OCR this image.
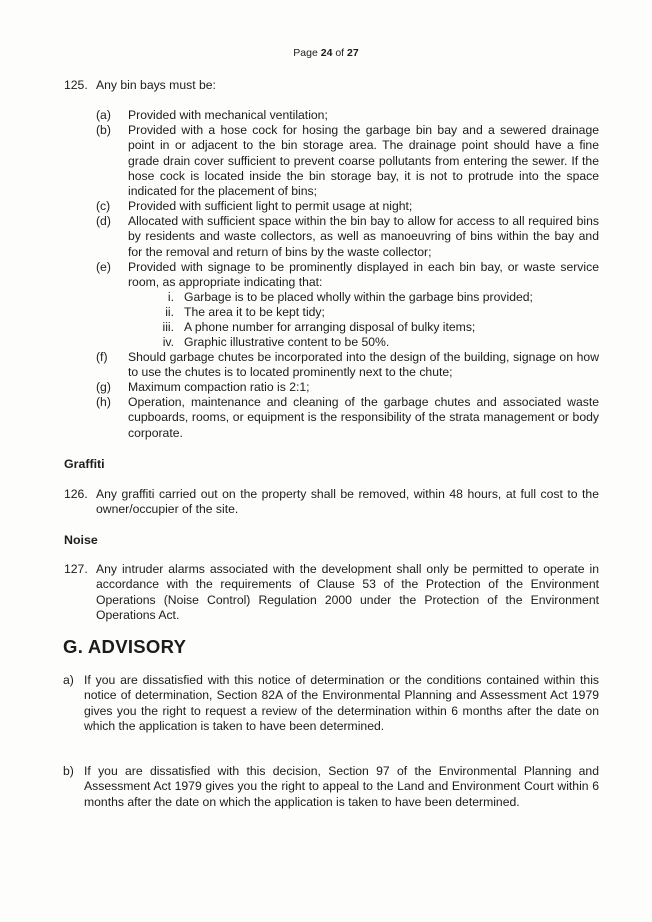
Page 24 of 27
125. Any bin bays must be:

(a) Provided with mechanical ventilation;

(b) Provided with a hose cock for hosing the garbage bin bay and a sewered drainage point in or adjacent to the bin storage area. The drainage point should have a fine grade drain cover sufficient to prevent coarse pollutants from entering the sewer. If the hose cock is located inside the bin storage bay, it is not to protrude into the space indicated for the placement of bins;

(c) Provided with sufficient light to permit usage at night;

(d) Allocated with sufficient space within the bin bay to allow for access to all required bins by residents and waste collectors, as well as manoeuvring of bins within the bay and for the removal and return of bins by the waste collector;

(e) Provided with signage to be prominently displayed in each bin bay, or waste service room, as appropriate indicating that:

i. Garbage is to be placed wholly within the garbage bins provided;

ii. The area it to be kept tidy;

iii. A phone number for arranging disposal of bulky items;

iv. Graphic illustrative content to be 50%.

(f) Should garbage chutes be incorporated into the design of the building, signage on how to use the chutes is to located prominently next to the chute;

(g) Maximum compaction ratio is 2:1;

(h) Operation, maintenance and cleaning of the garbage chutes and associated waste cupboards, rooms, or equipment is the responsibility of the strata management or body corporate.

Graffiti
126. Any graffiti carried out on the property shall be removed, within 48 hours, at full cost to the owner/occupier of the site.

Noise
127. Any intruder alarms associated with the development shall only be permitted to operate in accordance with the requirements of Clause 53 of the Protection of the Environment Operations (Noise Control) Regulation 2000 under the Protection of the Environment Operations Act.

G. ADVISORY
a) If you are dissatisfied with this notice of determination or the conditions contained within this notice of determination, Section 82A of the Environmental Planning and Assessment Act 1979 gives you the right to request a review of the determination within 6 months after the date on which the application is taken to have been determined.

b) If you are dissatisfied with this decision, Section 97 of the Environmental Planning and Assessment Act 1979 gives you the right to appeal to the Land and Environment Court within 6 months after the date on which the application is taken to have been determined.
